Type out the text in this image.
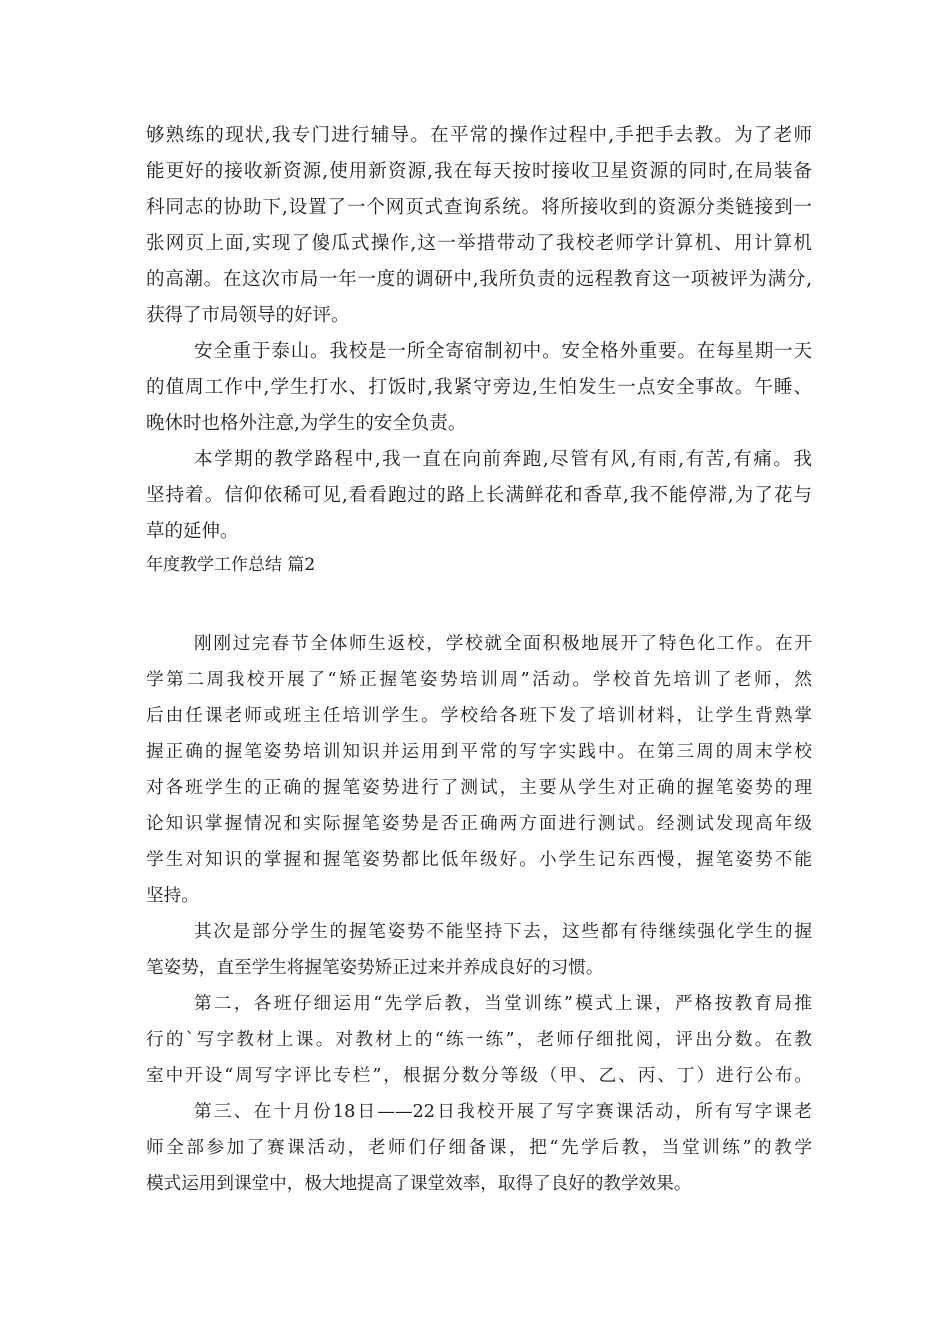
够熟练的现状,我专门进行辅导。在平常的操作过程中,手把手去教。为了老师
能更好的接收新资源,使用新资源,我在每天按时接收卫星资源的同时,在局装备
科同志的协助下,设置了一个网页式查询系统。将所接收到的资源分类链接到一
张网页上面,实现了傻瓜式操作,这一举措带动了我校老师学计算机、用计算机
的高潮。在这次市局一年一度的调研中,我所负责的远程教育这一项被评为满分,
获得了市局领导的好评。
安全重于泰山。我校是一所全寄宿制初中。安全格外重要。在每星期一天
的值周工作中,学生打水、打饭时,我紧守旁边,生怕发生一点安全事故。午睡、
晚休时也格外注意,为学生的安全负责。
本学期的教学路程中,我一直在向前奔跑,尽管有风,有雨,有苦,有痛。我
坚持着。信仰依稀可见,看看跑过的路上长满鲜花和香草,我不能停滞,为了花与
草的延伸。
年度教学工作总结 篇2
刚刚过完春节全体师生返校，学校就全面积极地展开了特色化工作。在开
学第二周我校开展了“矫正握笔姿势培训周”活动。学校首先培训了老师，然
后由任课老师或班主任培训学生。学校给各班下发了培训材料，让学生背熟掌
握正确的握笔姿势培训知识并运用到平常的写字实践中。在第三周的周末学校
对各班学生的正确的握笔姿势进行了测试，主要从学生对正确的握笔姿势的理
论知识掌握情况和实际握笔姿势是否正确两方面进行测试。经测试发现高年级
学生对知识的掌握和握笔姿势都比低年级好。小学生记东西慢，握笔姿势不能
坚持。
其次是部分学生的握笔姿势不能坚持下去，这些都有待继续强化学生的握
笔姿势，直至学生将握笔姿势矫正过来并养成良好的习惯。
第二，各班仔细运用“先学后教，当堂训练”模式上课，严格按教育局推
行的`写字教材上课。对教材上的“练一练”，老师仔细批阅，评出分数。在教
室中开设“周写字评比专栏”，根据分数分等级（甲、乙、丙、丁）进行公布。
第三、在十月份18日——22日我校开展了写字赛课活动，所有写字课老
师全部参加了赛课活动，老师们仔细备课，把“先学后教，当堂训练”的教学
模式运用到课堂中，极大地提高了课堂效率，取得了良好的教学效果。
